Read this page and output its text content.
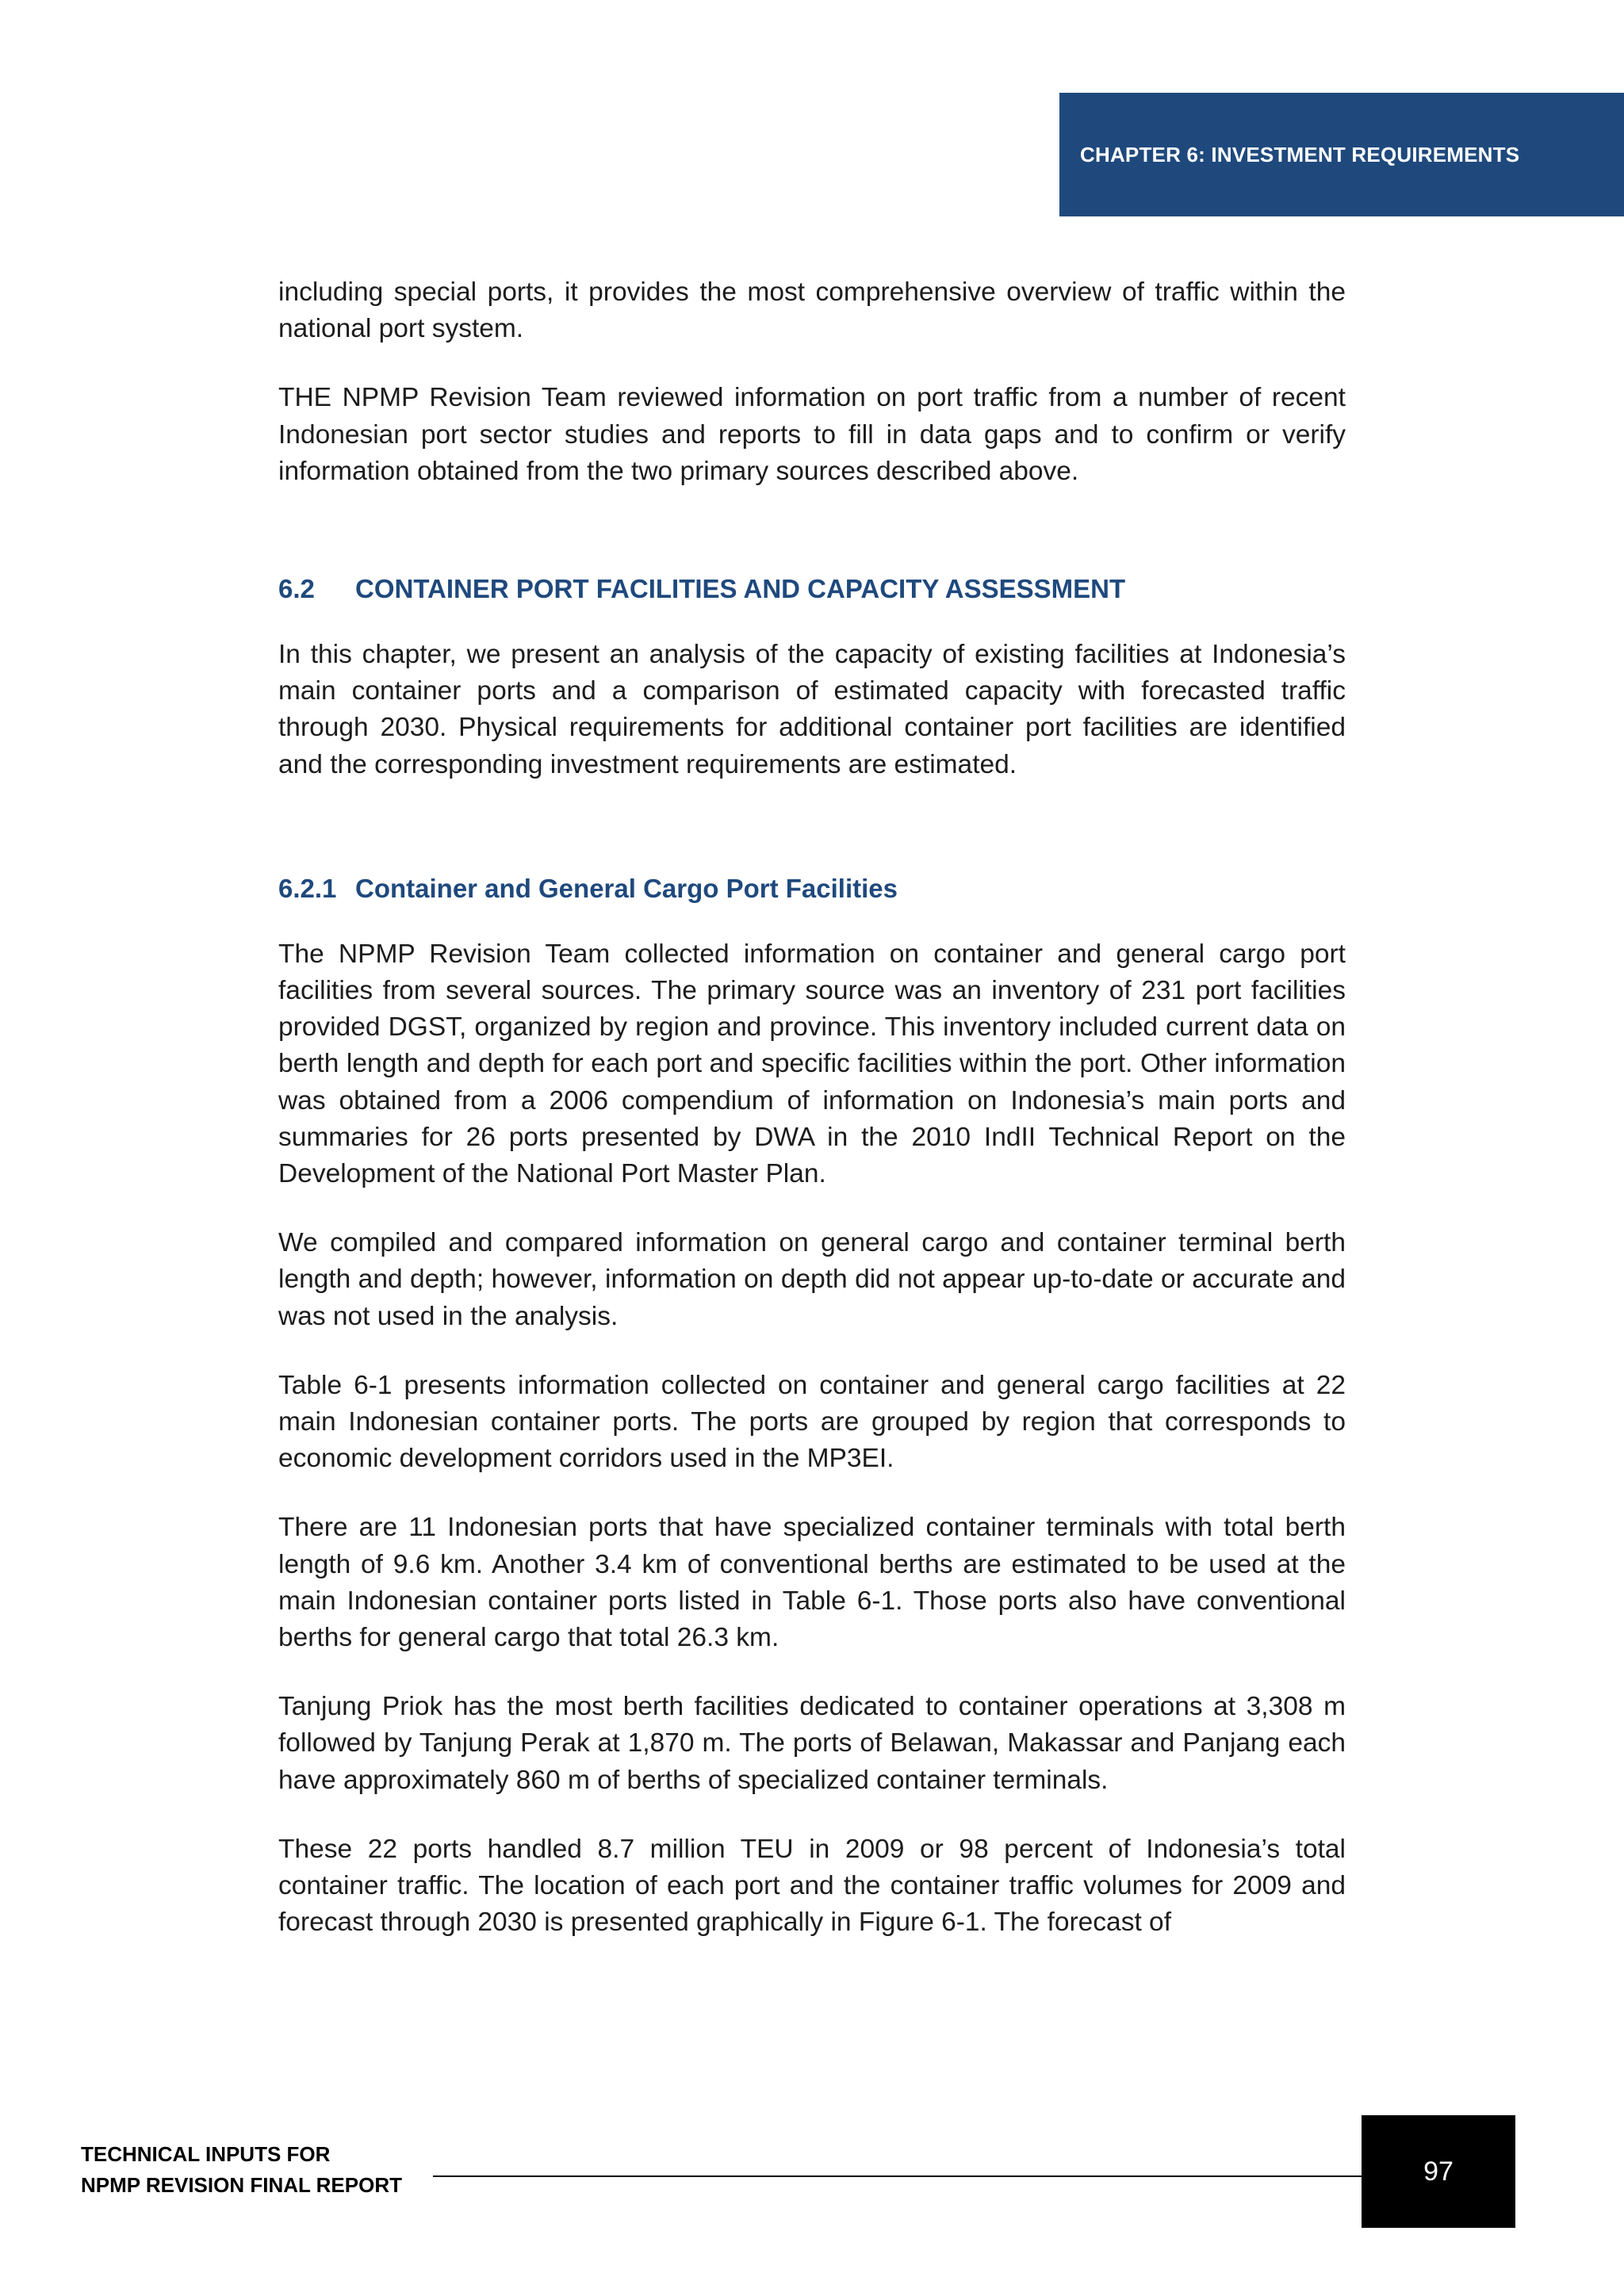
CHAPTER 6: INVESTMENT REQUIREMENTS

including special ports, it provides the most comprehensive overview of traffic within the national port system.

THE NPMP Revision Team reviewed information on port traffic from a number of recent Indonesian port sector studies and reports to fill in data gaps and to confirm or verify information obtained from the two primary sources described above.

6.2	CONTAINER PORT FACILITIES AND CAPACITY ASSESSMENT

In this chapter, we present an analysis of the capacity of existing facilities at Indonesia’s main container ports and a comparison of estimated capacity with forecasted traffic through 2030. Physical requirements for additional container port facilities are identified and the corresponding investment requirements are estimated.

6.2.1 Container and General Cargo Port Facilities

The NPMP Revision Team collected information on container and general cargo port facilities from several sources. The primary source was an inventory of 231 port facilities provided DGST, organized by region and province. This inventory included current data on berth length and depth for each port and specific facilities within the port. Other information was obtained from a 2006 compendium of information on Indonesia’s main ports and summaries for 26 ports presented by DWA in the 2010 IndII Technical Report on the Development of the National Port Master Plan.

We compiled and compared information on general cargo and container terminal berth length and depth; however, information on depth did not appear up-to-date or accurate and was not used in the analysis.

Table 6-1 presents information collected on container and general cargo facilities at 22 main Indonesian container ports. The ports are grouped by region that corresponds to economic development corridors used in the MP3EI.

There are 11 Indonesian ports that have specialized container terminals with total berth length of 9.6 km. Another 3.4 km of conventional berths are estimated to be used at the main Indonesian container ports listed in Table 6-1. Those ports also have conventional berths for general cargo that total 26.3 km.

Tanjung Priok has the most berth facilities dedicated to container operations at 3,308 m followed by Tanjung Perak at 1,870 m. The ports of Belawan, Makassar and Panjang each have approximately 860 m of berths of specialized container terminals.

These 22 ports handled 8.7 million TEU in 2009 or 98 percent of Indonesia’s total container traffic. The location of each port and the container traffic volumes for 2009 and forecast through 2030 is presented graphically in Figure 6-1. The forecast of

TECHNICAL INPUTS FOR
NPMP REVISION FINAL REPORT	97
